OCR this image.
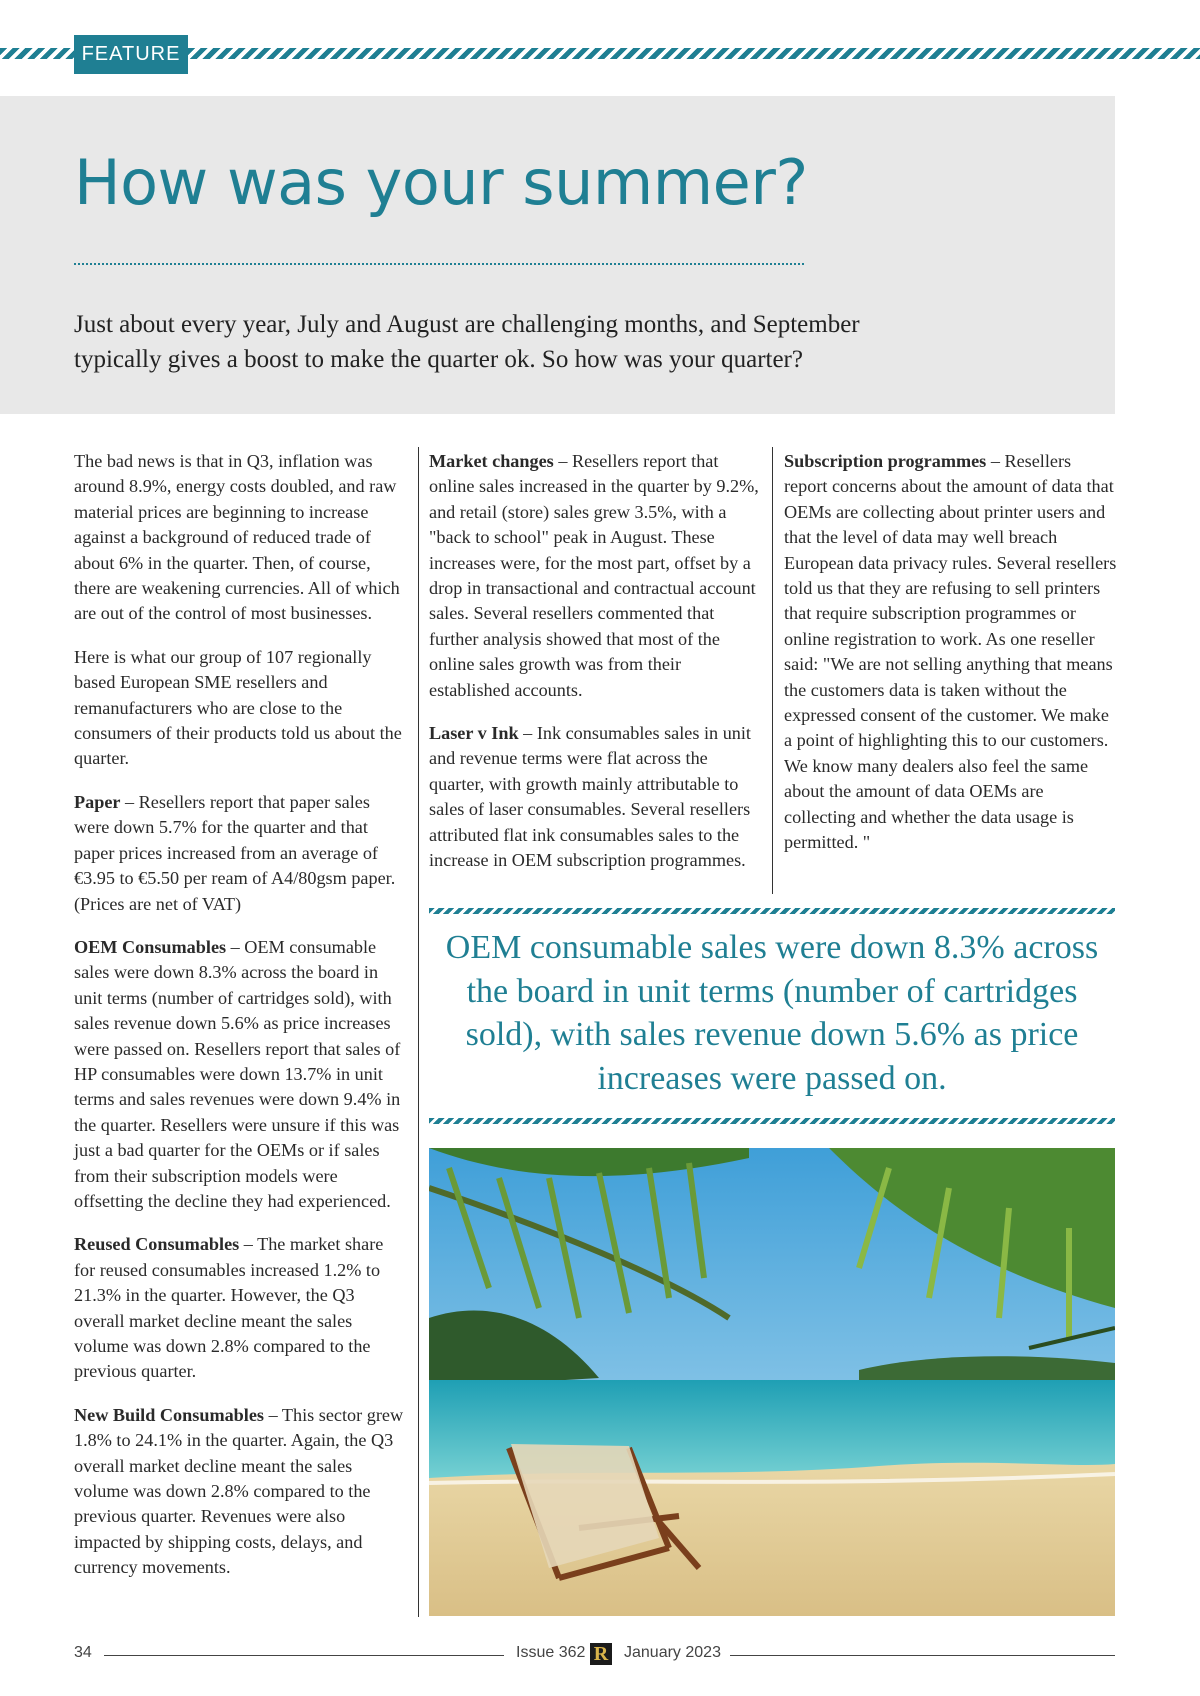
FEATURE
How was your summer?

Just about every year, July and August are challenging months, and September typically gives a boost to make the quarter ok. So how was your quarter?

The bad news is that in Q3, inflation was around 8.9%, energy costs doubled, and raw material prices are beginning to increase against a background of reduced trade of about 6% in the quarter. Then, of course, there are weakening currencies. All of which are out of the control of most businesses.

Here is what our group of 107 regionally based European SME resellers and remanufacturers who are close to the consumers of their products told us about the quarter.

Paper – Resellers report that paper sales were down 5.7% for the quarter and that paper prices increased from an average of €3.95 to €5.50 per ream of A4/80gsm paper. (Prices are net of VAT)

OEM Consumables – OEM consumable sales were down 8.3% across the board in unit terms (number of cartridges sold), with sales revenue down 5.6% as price increases were passed on. Resellers report that sales of HP consumables were down 13.7% in unit terms and sales revenues were down 9.4% in the quarter. Resellers were unsure if this was just a bad quarter for the OEMs or if sales from their subscription models were offsetting the decline they had experienced.

Reused Consumables – The market share for reused consumables increased 1.2% to 21.3% in the quarter. However, the Q3 overall market decline meant the sales volume was down 2.8% compared to the previous quarter.

New Build Consumables – This sector grew 1.8% to 24.1% in the quarter. Again, the Q3 overall market decline meant the sales volume was down 2.8% compared to the previous quarter. Revenues were also impacted by shipping costs, delays, and currency movements.

Market changes – Resellers report that online sales increased in the quarter by 9.2%, and retail (store) sales grew 3.5%, with a "back to school" peak in August. These increases were, for the most part, offset by a drop in transactional and contractual account sales. Several resellers commented that further analysis showed that most of the online sales growth was from their established accounts.

Laser v Ink – Ink consumables sales in unit and revenue terms were flat across the quarter, with growth mainly attributable to sales of laser consumables. Several resellers attributed flat ink consumables sales to the increase in OEM subscription programmes.

Subscription programmes – Resellers report concerns about the amount of data that OEMs are collecting about printer users and that the level of data may well breach European data privacy rules. Several resellers told us that they are refusing to sell printers that require subscription programmes or online registration to work. As one reseller said: "We are not selling anything that means the customers data is taken without the expressed consent of the customer. We make a point of highlighting this to our customers. We know many dealers also feel the same about the amount of data OEMs are collecting and whether the data usage is permitted. "

OEM consumable sales were down 8.3% across the board in unit terms (number of cartridges sold), with sales revenue down 5.6% as price increases were passed on.

34	Issue 362 R January 2023
